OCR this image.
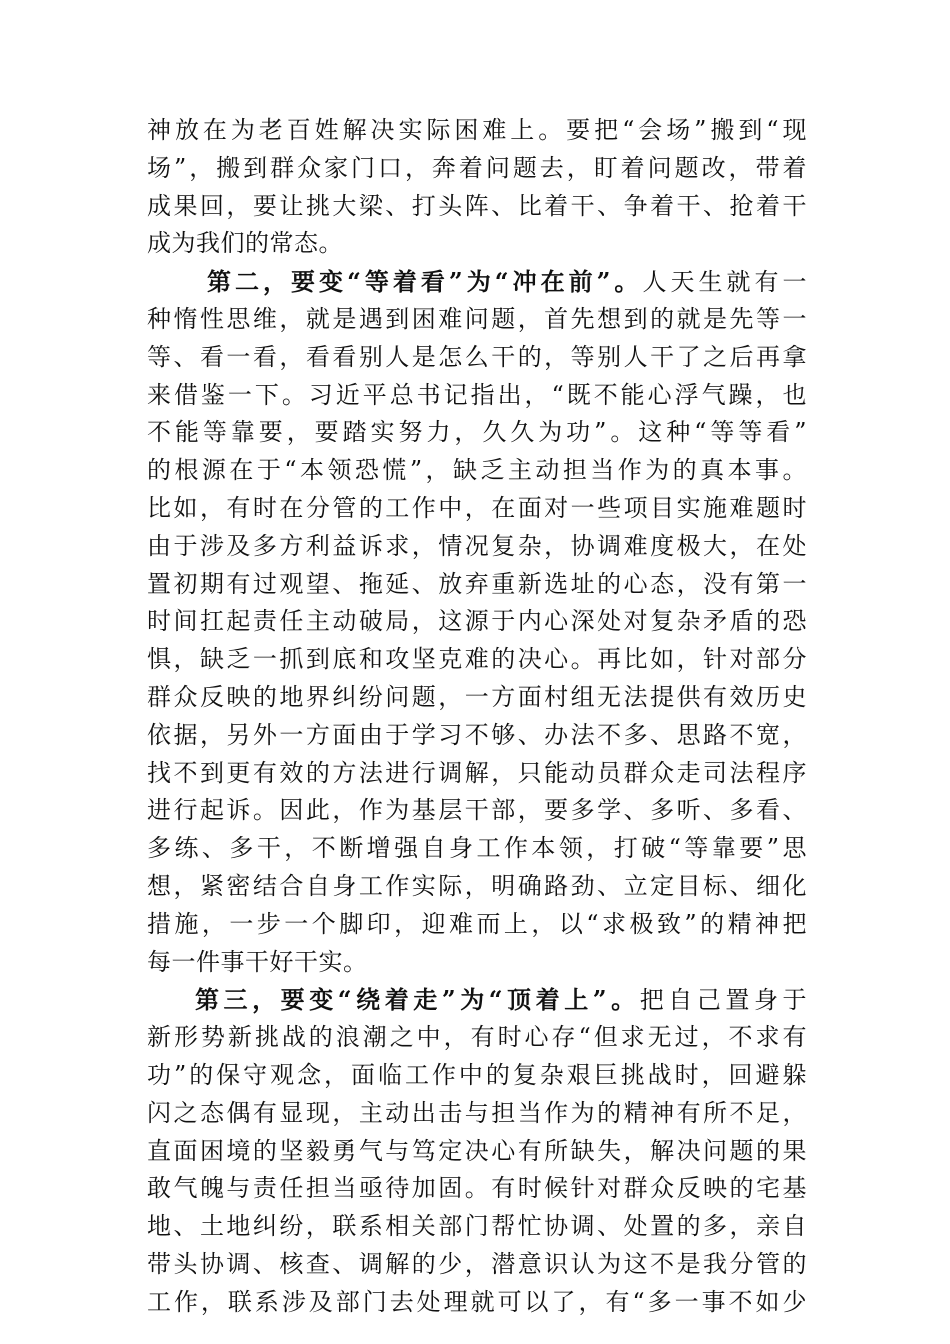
神放在为老百姓解决实际困难上。要把“会场”搬到“现
场”，搬到群众家门口，奔着问题去，盯着问题改，带着
成果回，要让挑大梁、打头阵、比着干、争着干、抢着干
成为我们的常态。
第二，要变“等着看”为“冲在前”。人天生就有一
种惰性思维，就是遇到困难问题，首先想到的就是先等一
等、看一看，看看别人是怎么干的，等别人干了之后再拿
来借鉴一下。习近平总书记指出，“既不能心浮气躁，也
不能等靠要，要踏实努力，久久为功”。这种“等等看”
的根源在于“本领恐慌”，缺乏主动担当作为的真本事。
比如，有时在分管的工作中，在面对一些项目实施难题时
由于涉及多方利益诉求，情况复杂，协调难度极大，在处
置初期有过观望、拖延、放弃重新选址的心态，没有第一
时间扛起责任主动破局，这源于内心深处对复杂矛盾的恐
惧，缺乏一抓到底和攻坚克难的决心。再比如，针对部分
群众反映的地界纠纷问题，一方面村组无法提供有效历史
依据，另外一方面由于学习不够、办法不多、思路不宽，
找不到更有效的方法进行调解，只能动员群众走司法程序
进行起诉。因此，作为基层干部，要多学、多听、多看、
多练、多干，不断增强自身工作本领，打破“等靠要”思
想，紧密结合自身工作实际，明确路劲、立定目标、细化
措施，一步一个脚印，迎难而上，以“求极致”的精神把
每一件事干好干实。
第三，要变“绕着走”为“顶着上”。把自己置身于
新形势新挑战的浪潮之中，有时心存“但求无过，不求有
功”的保守观念，面临工作中的复杂艰巨挑战时，回避躲
闪之态偶有显现，主动出击与担当作为的精神有所不足，
直面困境的坚毅勇气与笃定决心有所缺失，解决问题的果
敢气魄与责任担当亟待加固。有时候针对群众反映的宅基
地、土地纠纷，联系相关部门帮忙协调、处置的多，亲自
带头协调、核查、调解的少，潜意识认为这不是我分管的
工作，联系涉及部门去处理就可以了，有“多一事不如少
